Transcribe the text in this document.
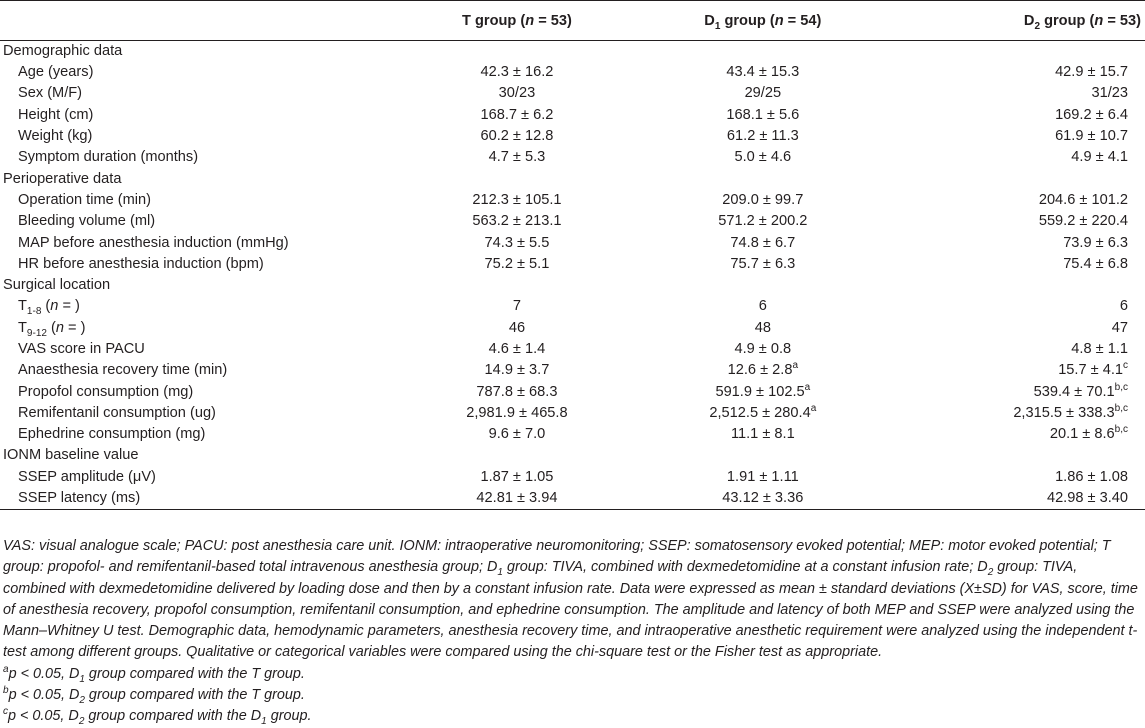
	T group (n = 53)	$D_1$ group (n = 54)	$D_2$ group (n = 53)
Demographic data			
Age (years)	42.3 ± 16.2	43.4 ± 15.3	42.9 ± 15.7
Sex (M/F)	30/23	29/25	31/23
Height (cm)	168.7 ± 6.2	168.1 ± 5.6	169.2 ± 6.4
Weight (kg)	60.2 ± 12.8	61.2 ± 11.3	61.9 ± 10.7
Symptom duration (months)	4.7 ± 5.3	5.0 ± 4.6	4.9 ± 4.1
Perioperative data			
Operation time (min)	212.3 ± 105.1	209.0 ± 99.7	204.6 ± 101.2
Bleeding volume (ml)	563.2 ± 213.1	571.2 ± 200.2	559.2 ± 220.4
MAP before anesthesia induction (mmHg)	74.3 ± 5.5	74.8 ± 6.7	73.9 ± 6.3
HR before anesthesia induction (bpm)	75.2 ± 5.1	75.7 ± 6.3	75.4 ± 6.8
Surgical location			
$T_{1-8}$ (n = )	7	6	6
$T_{9-12}$ (n = )	46	48	47
VAS score in PACU	4.6 ± 1.4	4.9 ± 0.8	4.8 ± 1.1
Anaesthesia recovery time (min)	14.9 ± 3.7	12.6 ± 2.8$^a$	15.7 ± 4.1$^c$
Propofol consumption (mg)	787.8 ± 68.3	591.9 ± 102.5$^a$	$539.4 \pm 70.1^{b,c}$
Remifentanil consumption (ug)	2,981.9 ± 465.8	2,512.5 ± 280.4$^a$	$2,315.5 \pm 338.3^{b,c}$
Ephedrine consumption (mg)	9.6 ± 7.0	11.1 ± 8.1	$20.1 \pm 8.6^{b,c}$
IONM baseline value			
SSEP amplitude (μV)	1.87 ± 1.05	1.91 ± 1.11	1.86 ± 1.08
SSEP latency (ms)	42.81 ± 3.94	43.12 ± 3.36	42.98 ± 3.40

VAS: visual analogue scale; PACU: post anesthesia care unit. IONM: intraoperative neuromonitoring; SSEP: somatosensory evoked potential; MEP: motor evoked potential; T group: propofol- and remifentanil-based total intravenous anesthesia group; $D_1$ group: TIVA, combined with dexmedetomidine at a constant infusion rate; $D_2$ group: TIVA, combined with dexmedetomidine delivered by loading dose and then by a constant infusion rate. Data were expressed as mean ± standard deviations (X±SD) for VAS, score, time of anesthesia recovery, propofol consumption, remifentanil consumption, and ephedrine consumption. The amplitude and latency of both MEP and SSEP were analyzed using the Mann–Whitney U test. Demographic data, hemodynamic parameters, anesthesia recovery time, and intraoperative anesthetic requirement were analyzed using the independent t-test among different groups. Qualitative or categorical variables were compared using the chi-square test or the Fisher test as appropriate.

$^a$p < 0.05, $D_1$ group compared with the T group.

$^b$p < 0.05, $D_2$ group compared with the T group.

$^c$p < 0.05, $D_2$ group compared with the $D_1$ group.
